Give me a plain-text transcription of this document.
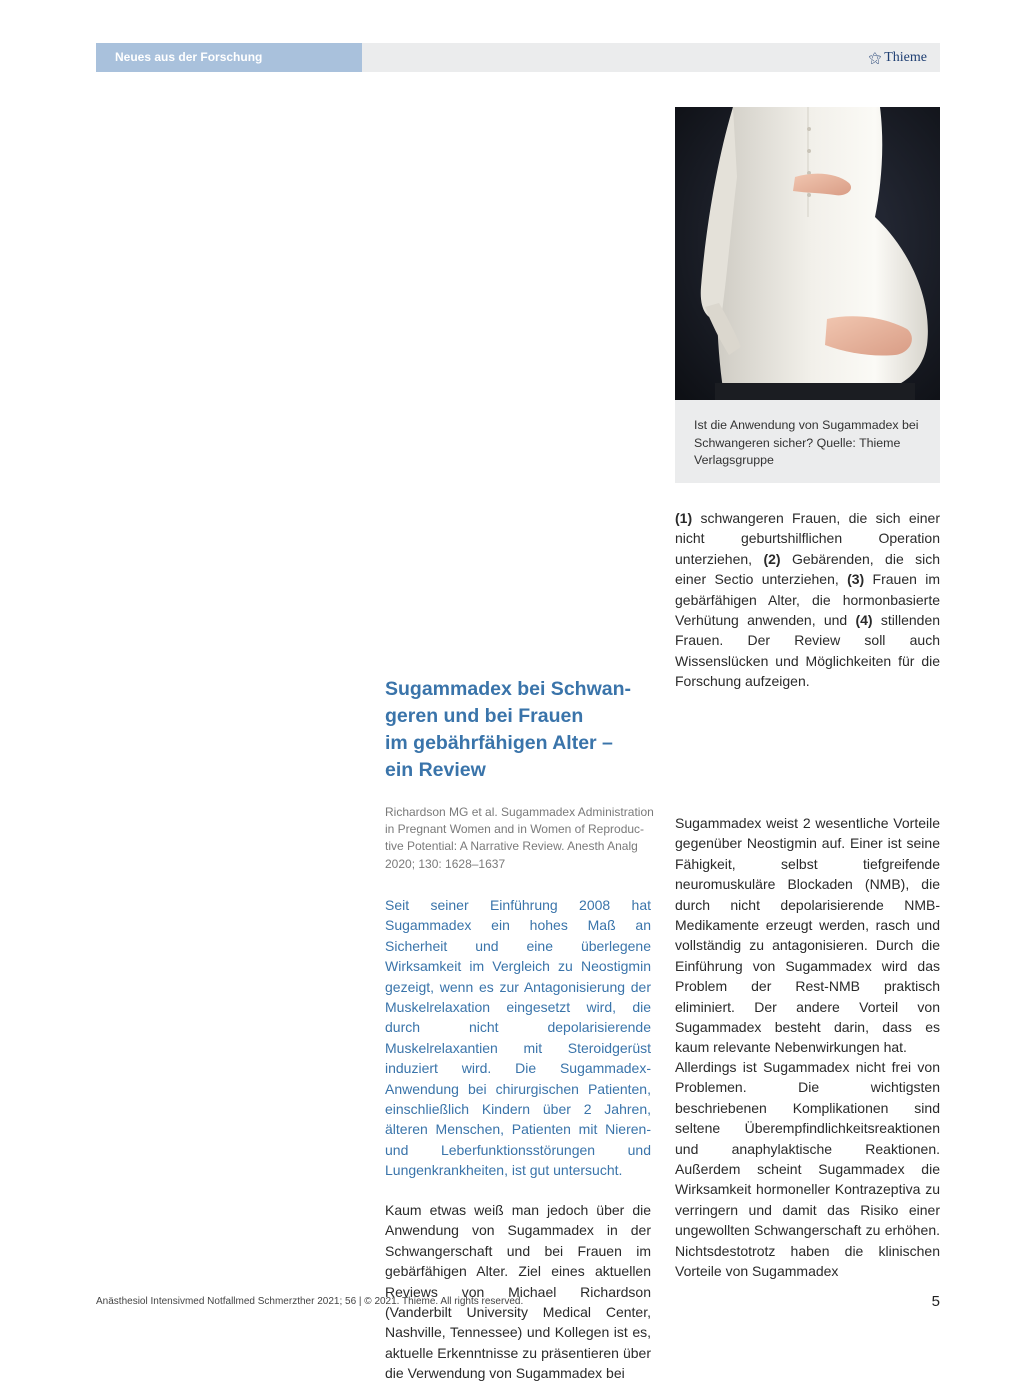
Neues aus der Forschung	⚝ Thieme
Ist die Anwendung von Sugammadex bei Schwangeren sicher? Quelle: Thieme Verlagsgruppe
Sugammadex bei Schwan-
geren und bei Frauen
im gebährfähigen Alter –
ein Review
Richardson MG et al. Sugammadex Administration
in Pregnant Women and in Women of Reproduc-
tive Potential: A Narrative Review. Anesth Analg
2020; 130: 1628–1637

Seit seiner Einführung 2008 hat Sugammadex ein hohes Maß an Sicherheit und eine überlegene Wirksamkeit im Vergleich zu Neostigmin gezeigt, wenn es zur Antagonisierung der Muskelrelaxation eingesetzt wird, die durch nicht depolarisierende Muskelrelaxantien mit Steroidgerüst induziert wird. Die Sugammadex-Anwendung bei chirurgischen Patienten, einschließlich Kindern über 2 Jahren, älteren Menschen, Patienten mit Nieren- und Leberfunktionsstörungen und Lungenkrankheiten, ist gut untersucht.

Kaum etwas weiß man jedoch über die Anwendung von Sugammadex in der Schwangerschaft und bei Frauen im gebärfähigen Alter. Ziel eines aktuellen Reviews von Michael Richardson (Vanderbilt University Medical Center, Nashville, Tennessee) und Kollegen ist es, aktuelle Erkenntnisse zu präsentieren über die Verwendung von Sugammadex bei

(1) schwangeren Frauen, die sich einer nicht geburtshilflichen Operation unterziehen, (2) Gebärenden, die sich einer Sectio unterziehen, (3) Frauen im gebärfähigen Alter, die hormonbasierte Verhütung anwenden, und (4) stillenden Frauen. Der Review soll auch Wissenslücken und Möglichkeiten für die Forschung aufzeigen.

Sugammadex weist 2 wesentliche Vorteile gegenüber Neostigmin auf. Einer ist seine Fähigkeit, selbst tiefgreifende neuromuskuläre Blockaden (NMB), die durch nicht depolarisierende NMB-Medikamente erzeugt werden, rasch und vollständig zu antagonisieren. Durch die Einführung von Sugammadex wird das Problem der Rest-NMB praktisch eliminiert. Der andere Vorteil von Sugammadex besteht darin, dass es kaum relevante Nebenwirkungen hat.

Allerdings ist Sugammadex nicht frei von Problemen. Die wichtigsten beschriebenen Komplikationen sind seltene Überempfindlichkeitsreaktionen und anaphylaktische Reaktionen. Außerdem scheint Sugammadex die Wirksamkeit hormoneller Kontrazeptiva zu verringern und damit das Risiko einer ungewollten Schwangerschaft zu erhöhen. Nichtsdestotrotz haben die klinischen Vorteile von Sugammadex

Anästhesiol Intensivmed Notfallmed Schmerzther 2021; 56 | © 2021. Thieme. All rights reserved.	5
